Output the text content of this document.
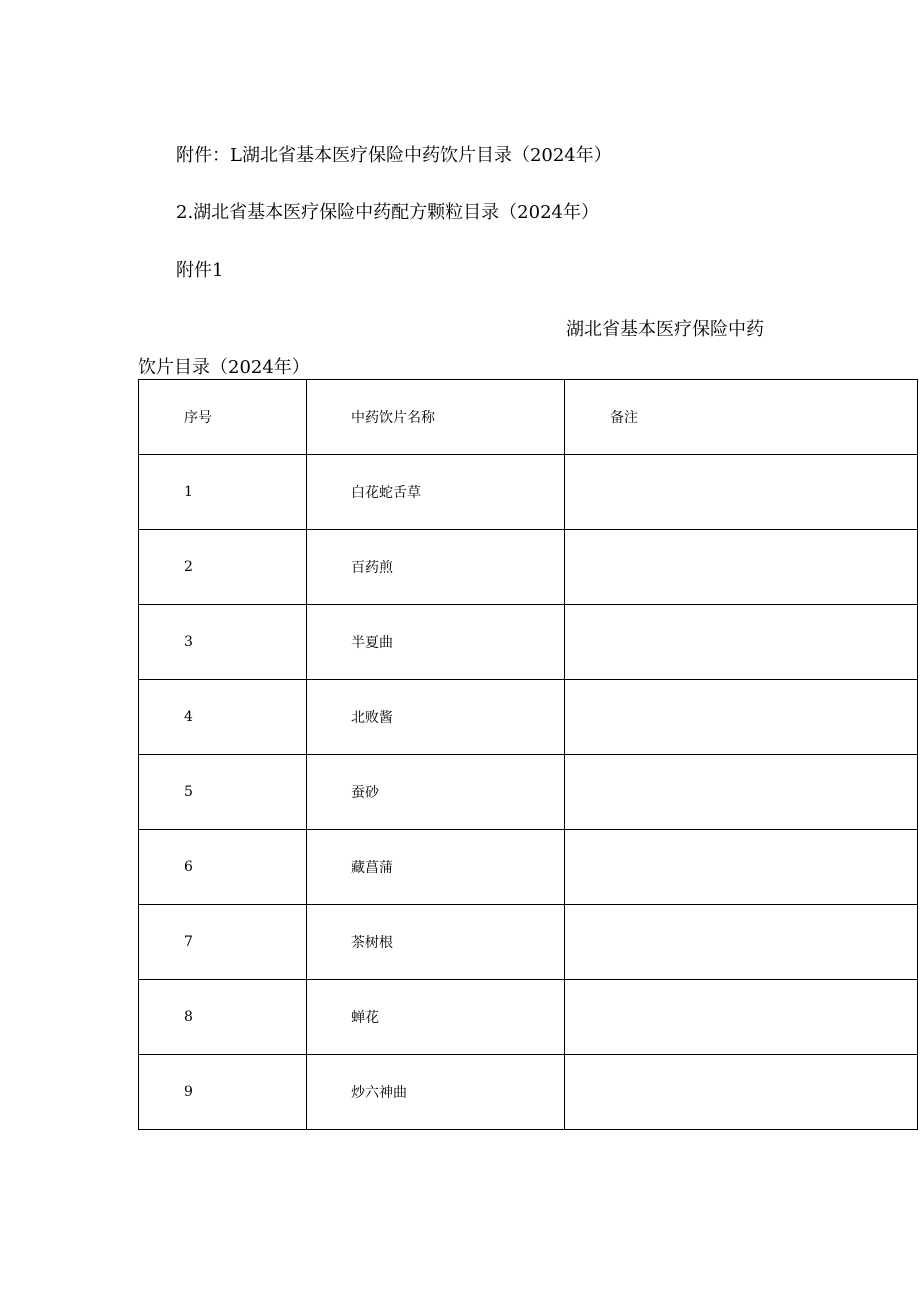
附件：L湖北省基本医疗保险中药饮片目录（2024年）
2.湖北省基本医疗保险中药配方颗粒目录（2024年）
附件1
湖北省基本医疗保险中药
饮片目录（2024年）
序号	中药饮片名称	备注
1	白花蛇舌草	
2	百药煎	
3	半夏曲	
4	北败酱	
5	蚕砂	
6	藏菖蒲	
7	茶树根	
8	蝉花	
9	炒六神曲	
